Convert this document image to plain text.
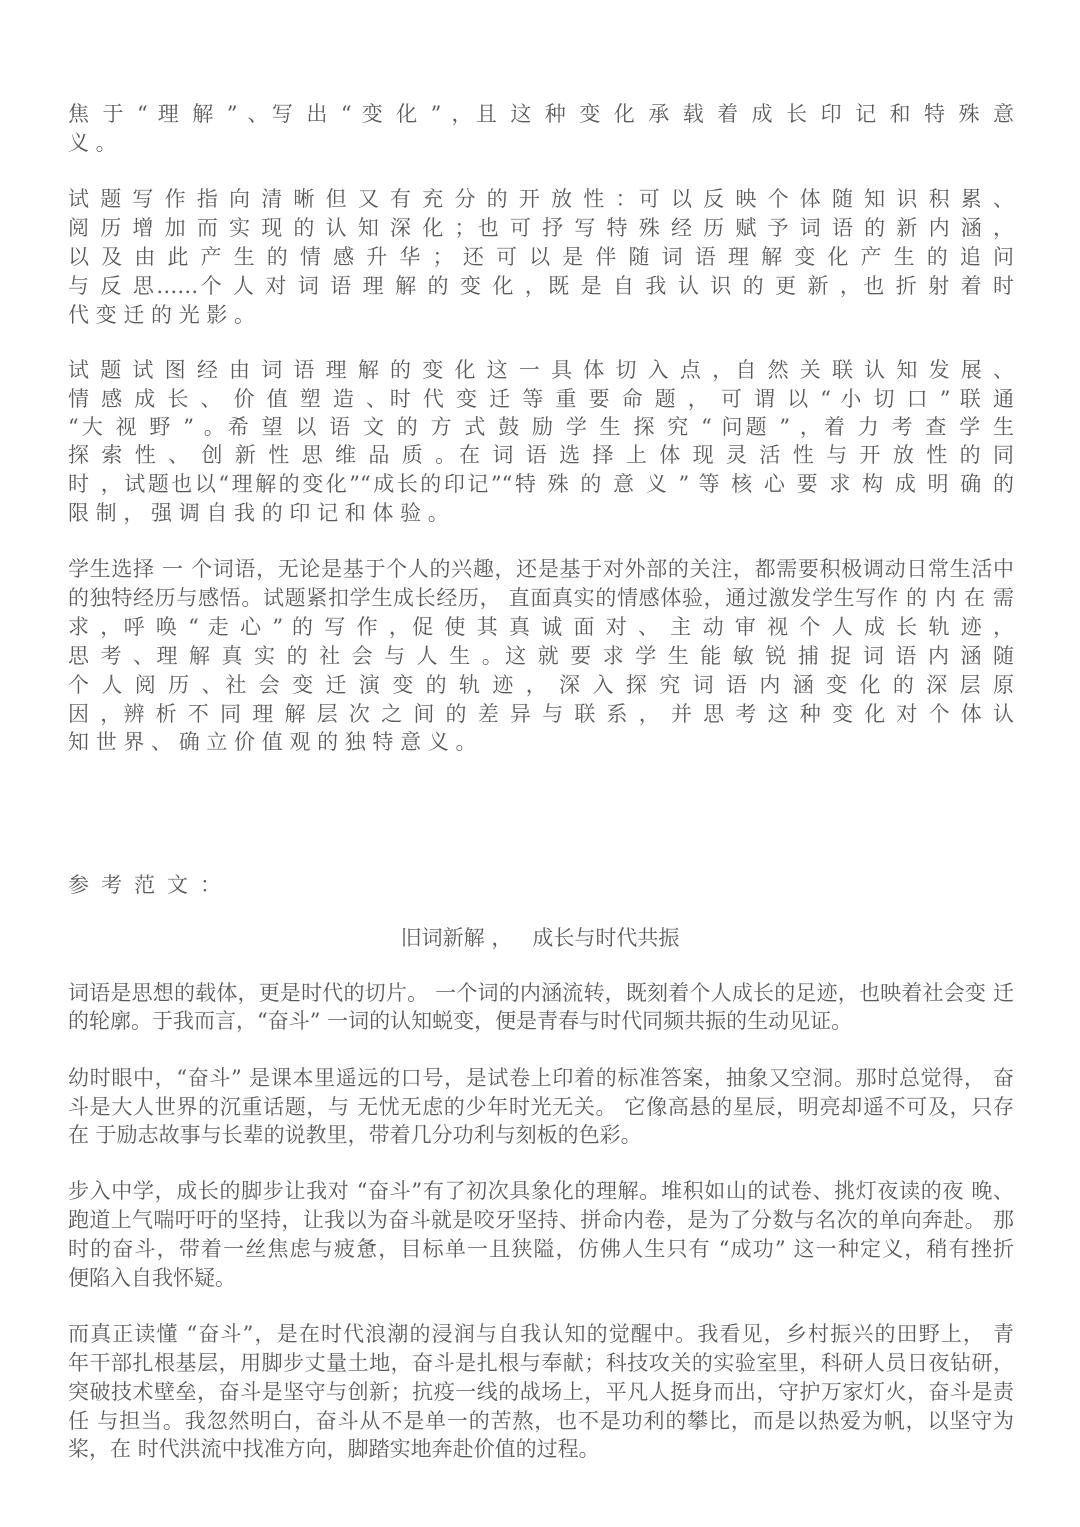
焦 于 “ 理 解 ” 、写 出 “ 变 化 ” ，且 这 种 变 化 承 载 着 成 长 印 记 和 特 殊 意
义 。
试 题 写 作 指 向 清 晰 但 又 有 充 分 的 开 放 性 ：可 以 反 映 个 体 随 知 识 积 累 、
阅 历 增 加 而 实 现 的 认 知 深 化 ；也 可 抒 写 特 殊 经 历 赋 予 词 语 的 新 内 涵 ，
以 及 由 此 产 生 的 情 感 升 华 ； 还 可 以 是 伴 随 词 语 理 解 变 化 产 生 的 追 问
与 反 思……个 人 对 词 语 理 解 的 变 化 ，既 是 自 我 认 识 的 更 新 ，也 折 射 着 时
代 变 迁 的 光 影 。
试 题 试 图 经 由 词 语 理 解 的 变 化 这 一 具 体 切 入 点 ，自 然 关 联 认 知 发 展 、
情 感 成 长 、 价 值 塑 造 、时 代 变 迁 等 重 要 命 题 ， 可 谓 以 “ 小 切 口 ” 联 通
“大 视 野 ” 。希 望 以 语 文 的 方 式 鼓 励 学 生 探 究 “ 问题 ” ，着 力 考 查 学 生
探 索 性 、 创 新 性 思 维 品 质 。在 词 语 选 择 上 体 现 灵 活 性 与 开 放 性 的 同
时 ，试题也以“理解的变化”“成长的印记”“特 殊 的 意 义 ” 等 核 心 要 求 构 成 明 确 的
限 制 ， 强 调 自 我 的 印 记 和 体 验 。
学生选择 一 个词语，无论是基于个人的兴趣，还是基于对外部的关注，都需要积极调动日常生活中
的独特经历与感悟。试题紧扣学生成长经历， 直面真实的情感体验，通过激发学生写作 的 内 在 需
求 ，呼 唤 “ 走 心 ” 的 写 作 ，促 使 其 真 诚 面 对 、 主 动 审 视 个 人 成 长 轨 迹 ，
思 考 、理 解 真 实 的 社 会 与 人 生 。这 就 要 求 学 生 能 敏 锐 捕 捉 词 语 内 涵 随
个 人 阅 历 、社 会 变 迁 演 变 的 轨 迹 ， 深 入 探 究 词 语 内 涵 变 化 的 深 层 原
因 ，辨 析 不 同 理 解 层 次 之 间 的 差 异 与 联 系 ， 并 思 考 这 种 变 化 对 个 体 认
知 世 界 、 确 立 价 值 观 的 独 特 意 义 。
参考范文：
旧词新解 ，   成长与时代共振
词语是思想的载体，更是时代的切片。 一个词的内涵流转，既刻着个人成长的足迹，也映着社会变 迁
的轮廓。于我而言，“奋斗” 一词的认知蜕变，便是青春与时代同频共振的生动见证。
幼时眼中，“奋斗” 是课本里遥远的口号，是试卷上印着的标准答案，抽象又空洞。那时总觉得， 奋
斗是大人世界的沉重话题，与 无忧无虑的少年时光无关。 它像高悬的星辰，明亮却遥不可及，只存
在 于励志故事与长辈的说教里，带着几分功利与刻板的色彩。
步入中学，成长的脚步让我对 “奋斗”有了初次具象化的理解。堆积如山的试卷、挑灯夜读的夜 晚、
跑道上气喘吁吁的坚持，让我以为奋斗就是咬牙坚持、拼命内卷，是为了分数与名次的单向奔赴。 那
时的奋斗，带着一丝焦虑与疲惫，目标单一且狭隘，仿佛人生只有 “成功” 这一种定义，稍有挫折
便陷入自我怀疑。
而真正读懂 “奋斗”，是在时代浪潮的浸润与自我认知的觉醒中。我看见，乡村振兴的田野上， 青
年干部扎根基层，用脚步丈量土地，奋斗是扎根与奉献；科技攻关的实验室里，科研人员日夜钻研，
突破技术壁垒，奋斗是坚守与创新；抗疫一线的战场上，平凡人挺身而出，守护万家灯火，奋斗是责
任 与担当。我忽然明白，奋斗从不是单一的苦熬，也不是功利的攀比，而是以热爱为帆，以坚守为
桨，在 时代洪流中找准方向，脚踏实地奔赴价值的过程。
